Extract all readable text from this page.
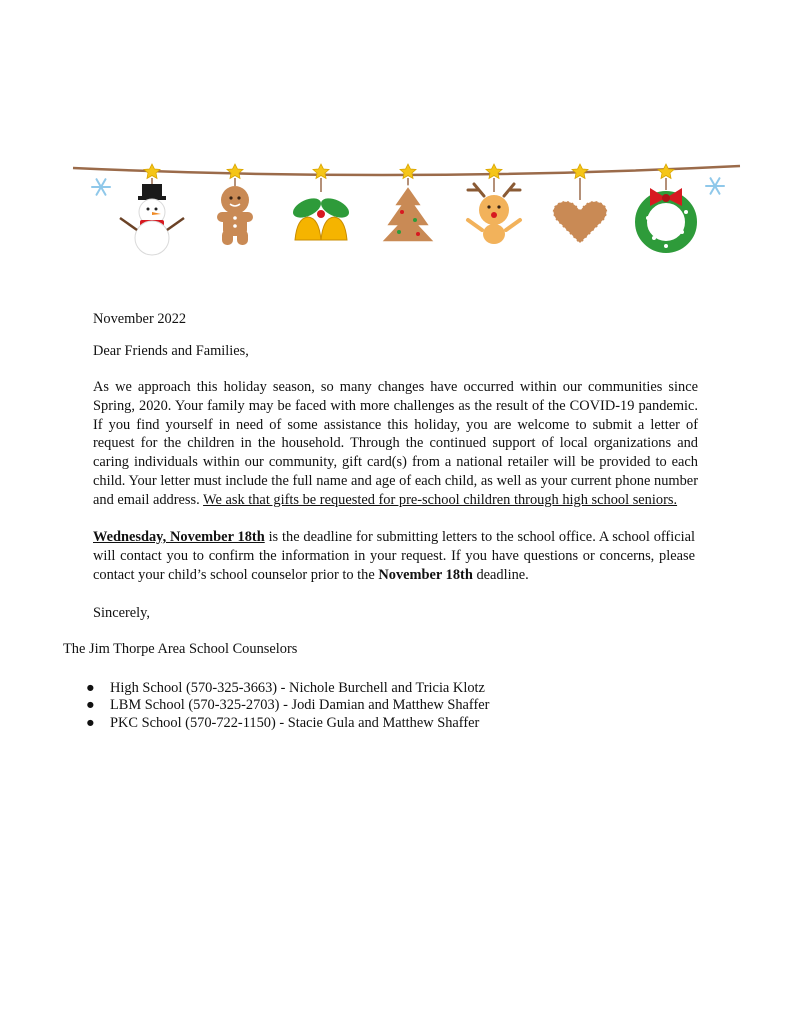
November 2022
Dear Friends and Families,
As we approach this holiday season, so many changes have occurred within our communities since Spring, 2020. Your family may be faced with more challenges as the result of the COVID-19 pandemic. If you find yourself in need of some assistance this holiday, you are welcome to submit a letter of request for the children in the household. Through the continued support of local organizations and caring individuals within our community, gift card(s) from a national retailer will be provided to each child. Your letter must include the full name and age of each child, as well as your current phone number and email address. We ask that gifts be requested for pre-school children through high school seniors.
Wednesday, November 18th is the deadline for submitting letters to the school office. A school official will contact you to confirm the information in your request. If you have questions or concerns, please contact your child’s school counselor prior to the November 18th deadline.
Sincerely,
The Jim Thorpe Area School Counselors
● High School (570-325-3663) - Nichole Burchell and Tricia Klotz
● LBM School (570-325-2703) - Jodi Damian and Matthew Shaffer
● PKC School (570-722-1150) - Stacie Gula and Matthew Shaffer
